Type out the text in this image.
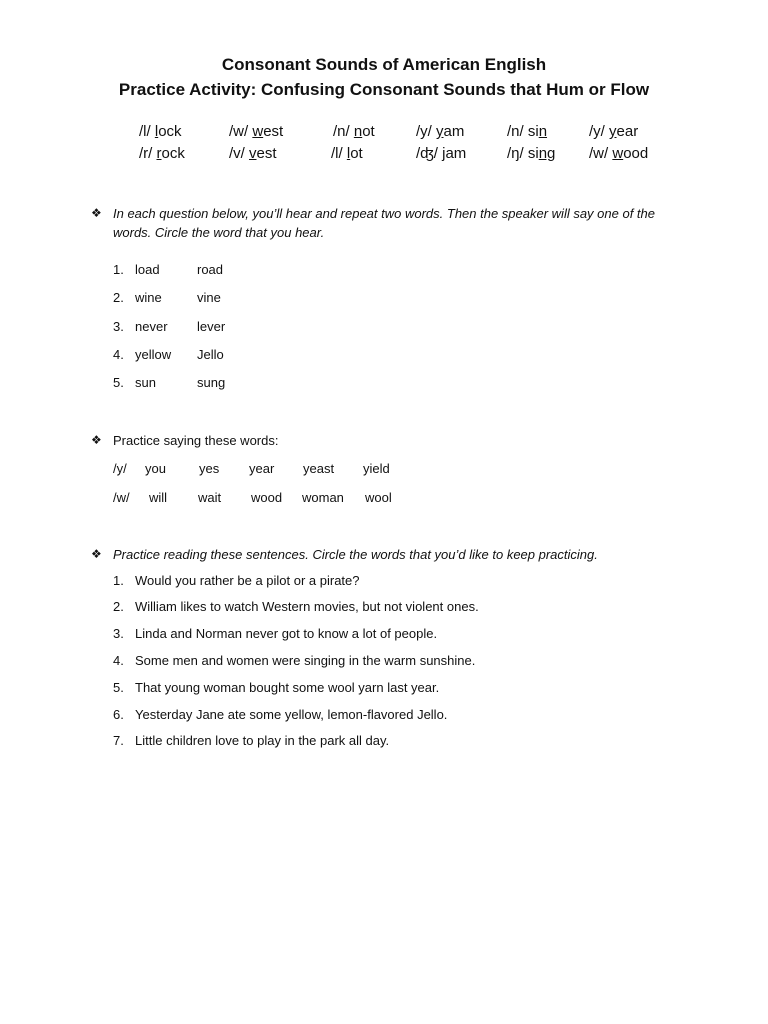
Consonant Sounds of American English
Practice Activity: Confusing Consonant Sounds that Hum or Flow
/l/ lock	/w/ west	/n/ not	/y/ yam	/n/ sin	/y/ year
/r/ rock	/v/ vest	/l/ lot	/ʤ/ jam	/ŋ/ sing /w/ wood
❖ In each question below, you’ll hear and repeat two words. Then the speaker will say one of the
words. Circle the word that you hear.
1. load	road
2. wine	vine
3. never lever
4. yellow Jello
5. sun	sung
❖ Practice saying these words:
/y/ you	yes year yeast yield
/w/ will wait wood woman wool
❖ Practice reading these sentences. Circle the words that you’d like to keep practicing.
1. Would you rather be a pilot or a pirate?
2. William likes to watch Western movies, but not violent ones.
3. Linda and Norman never got to know a lot of people.
4. Some men and women were singing in the warm sunshine.
5. That young woman bought some wool yarn last year.
6. Yesterday Jane ate some yellow, lemon-flavored Jello.
7. Little children love to play in the park all day.
